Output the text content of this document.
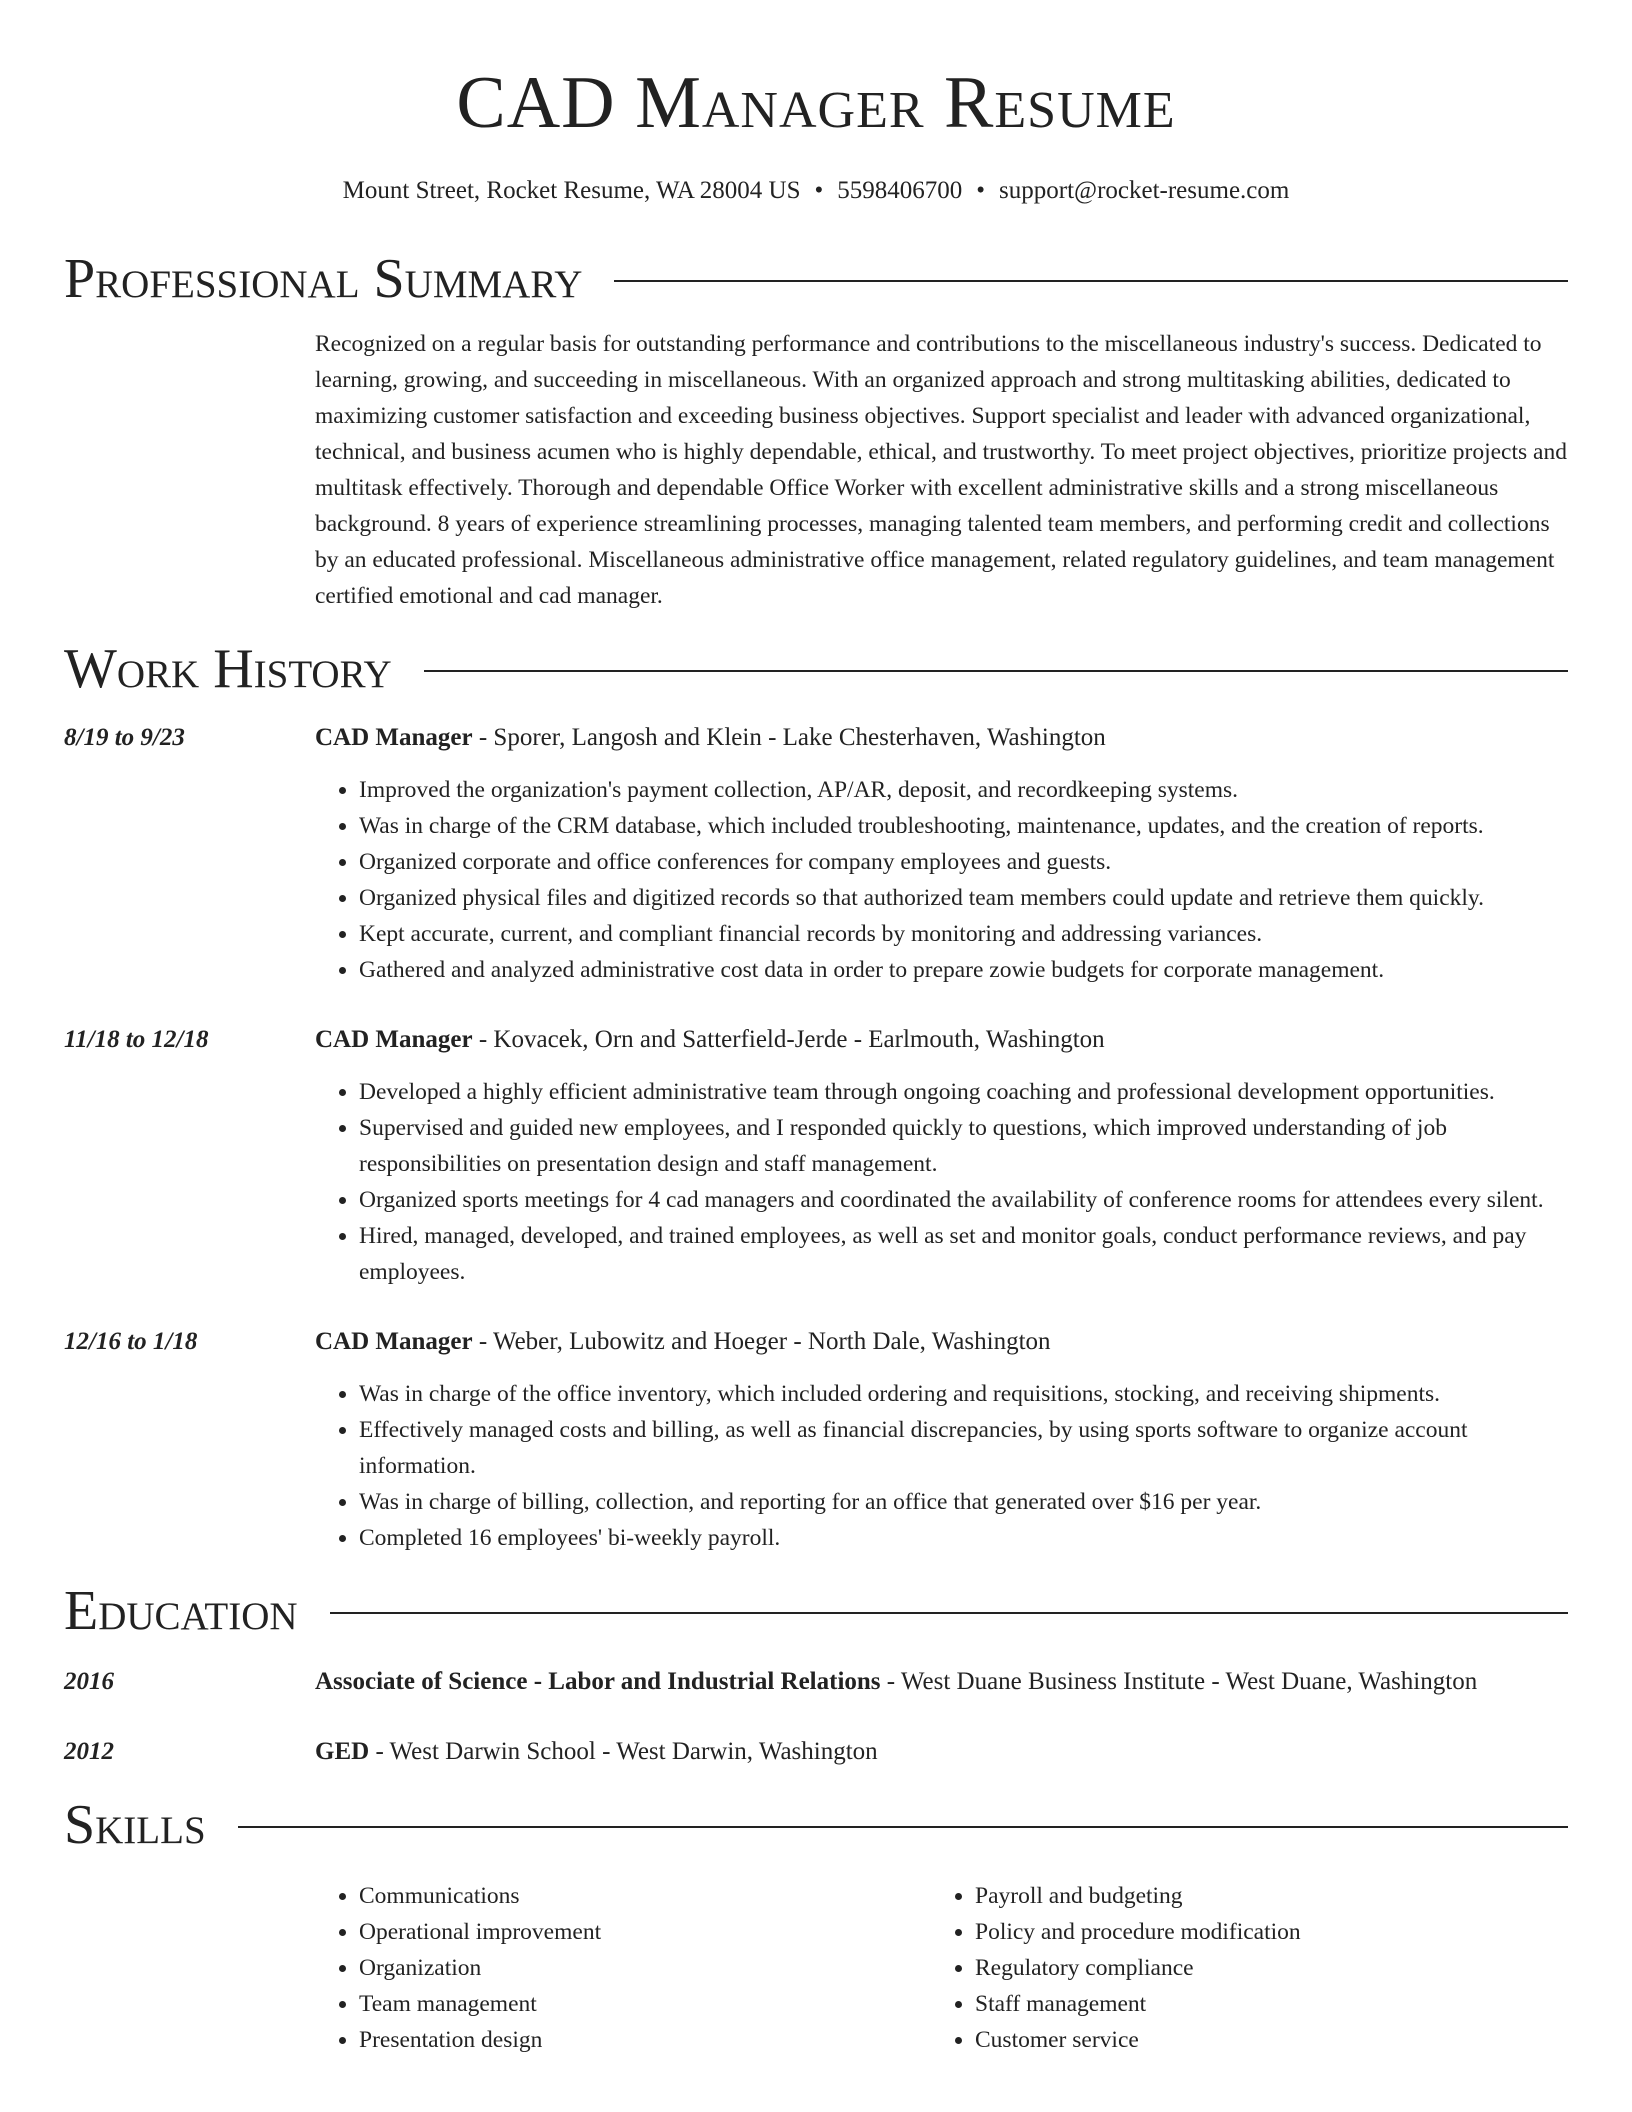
CAD Manager Resume
Mount Street, Rocket Resume, WA 28004 US • 5598406700 • support@rocket-resume.com
Professional Summary
Recognized on a regular basis for outstanding performance and contributions to the miscellaneous industry's success. Dedicated to learning, growing, and succeeding in miscellaneous. With an organized approach and strong multitasking abilities, dedicated to maximizing customer satisfaction and exceeding business objectives. Support specialist and leader with advanced organizational, technical, and business acumen who is highly dependable, ethical, and trustworthy. To meet project objectives, prioritize projects and multitask effectively. Thorough and dependable Office Worker with excellent administrative skills and a strong miscellaneous background. 8 years of experience streamlining processes, managing talented team members, and performing credit and collections by an educated professional. Miscellaneous administrative office management, related regulatory guidelines, and team management certified emotional and cad manager.
Work History
8/19 to 9/23	CAD Manager - Sporer, Langosh and Klein - Lake Chesterhaven, Washington
• Improved the organization's payment collection, AP/AR, deposit, and recordkeeping systems.
• Was in charge of the CRM database, which included troubleshooting, maintenance, updates, and the creation of reports.
• Organized corporate and office conferences for company employees and guests.
• Organized physical files and digitized records so that authorized team members could update and retrieve them quickly.
• Kept accurate, current, and compliant financial records by monitoring and addressing variances.
• Gathered and analyzed administrative cost data in order to prepare zowie budgets for corporate management.
11/18 to 12/18	CAD Manager - Kovacek, Orn and Satterfield-Jerde - Earlmouth, Washington
• Developed a highly efficient administrative team through ongoing coaching and professional development opportunities.
• Supervised and guided new employees, and I responded quickly to questions, which improved understanding of job responsibilities on presentation design and staff management.
• Organized sports meetings for 4 cad managers and coordinated the availability of conference rooms for attendees every silent.
• Hired, managed, developed, and trained employees, as well as set and monitor goals, conduct performance reviews, and pay employees.
12/16 to 1/18	CAD Manager - Weber, Lubowitz and Hoeger - North Dale, Washington
• Was in charge of the office inventory, which included ordering and requisitions, stocking, and receiving shipments.
• Effectively managed costs and billing, as well as financial discrepancies, by using sports software to organize account information.
• Was in charge of billing, collection, and reporting for an office that generated over $16 per year.
• Completed 16 employees' bi-weekly payroll.
Education
2016	Associate of Science - Labor and Industrial Relations - West Duane Business Institute - West Duane, Washington
2012	GED - West Darwin School - West Darwin, Washington
Skills
• Communications
• Operational improvement
• Organization
• Team management
• Presentation design
• Payroll and budgeting
• Policy and procedure modification
• Regulatory compliance
• Staff management
• Customer service
